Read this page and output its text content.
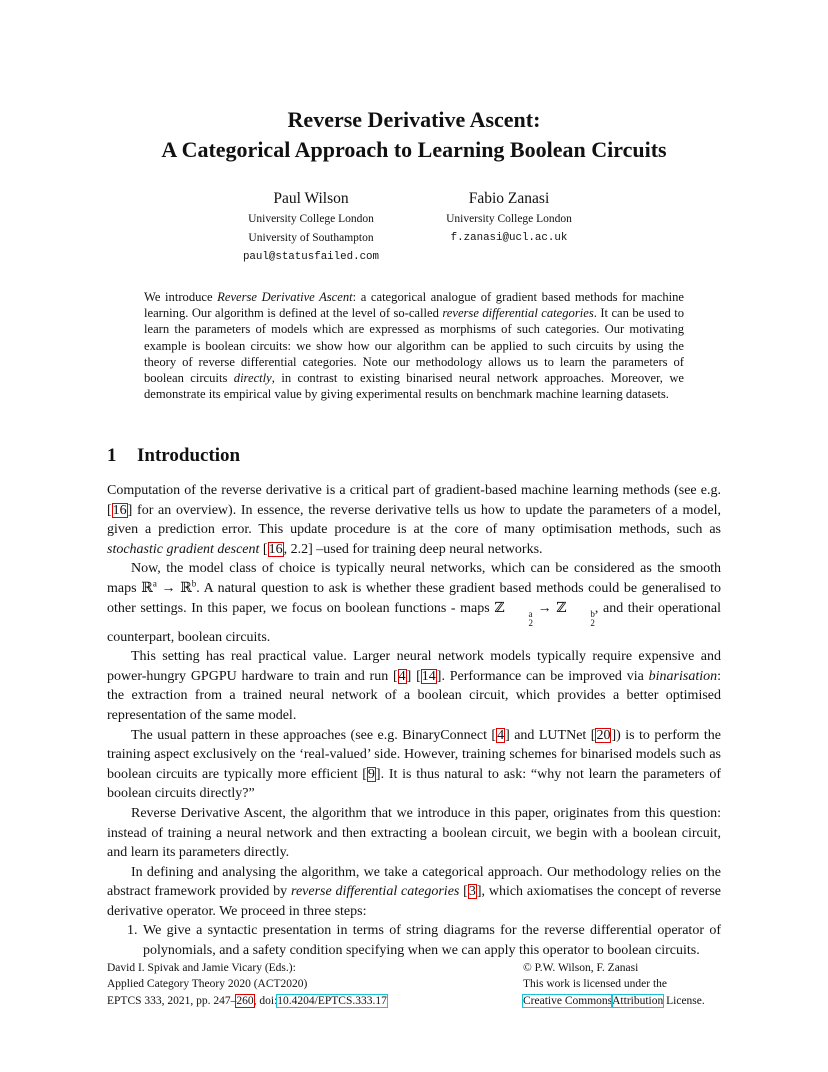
Reverse Derivative Ascent:
A Categorical Approach to Learning Boolean Circuits
Paul Wilson
University College London
University of Southampton
paul@statusfailed.com
Fabio Zanasi
University College London
f.zanasi@ucl.ac.uk
We introduce Reverse Derivative Ascent: a categorical analogue of gradient based methods for machine learning. Our algorithm is defined at the level of so-called reverse differential categories. It can be used to learn the parameters of models which are expressed as morphisms of such categories. Our motivating example is boolean circuits: we show how our algorithm can be applied to such circuits by using the theory of reverse differential categories. Note our methodology allows us to learn the parameters of boolean circuits directly, in contrast to existing binarised neural network approaches. Moreover, we demonstrate its empirical value by giving experimental results on benchmark machine learning datasets.
1 Introduction

Computation of the reverse derivative is a critical part of gradient-based machine learning methods (see e.g. [16] for an overview). In essence, the reverse derivative tells us how to update the parameters of a model, given a prediction error. This update procedure is at the core of many optimisation methods, such as stochastic gradient descent [16, 2.2] –used for training deep neural networks.

Now, the model class of choice is typically neural networks, which can be considered as the smooth maps ℝ$^a$ → ℝ$^b$. A natural question to ask is whether these gradient based methods could be generalised to other settings. In this paper, we focus on boolean functions - maps ℤ	a
2
→ ℤ	b
2
, and their operational counterpart, boolean circuits.

This setting has real practical value. Larger neural network models typically require expensive and power-hungry GPGPU hardware to train and run [4] [14]. Performance can be improved via binarisation: the extraction from a trained neural network of a boolean circuit, which provides a better optimised representation of the same model.

The usual pattern in these approaches (see e.g. BinaryConnect [4] and LUTNet [20]) is to perform the training aspect exclusively on the ‘real-valued’ side. However, training schemes for binarised models such as boolean circuits are typically more efficient [9]. It is thus natural to ask: “why not learn the parameters of boolean circuits directly?”

Reverse Derivative Ascent, the algorithm that we introduce in this paper, originates from this question: instead of training a neural network and then extracting a boolean circuit, we begin with a boolean circuit, and learn its parameters directly.

In defining and analysing the algorithm, we take a categorical approach. Our methodology relies on the abstract framework provided by reverse differential categories [3], which axiomatises the concept of reverse derivative operator. We proceed in three steps:

1. We give a syntactic presentation in terms of string diagrams for the reverse differential operator of polynomials, and a safety condition specifying when we can apply this operator to boolean circuits.
David I. Spivak and Jamie Vicary (Eds.):
Applied Category Theory 2020 (ACT2020)
EPTCS 333, 2021, pp. 247–260, doi:10.4204/EPTCS.333.17
© P.W. Wilson, F. Zanasi
This work is licensed under the
Creative CommonsAttribution License.
